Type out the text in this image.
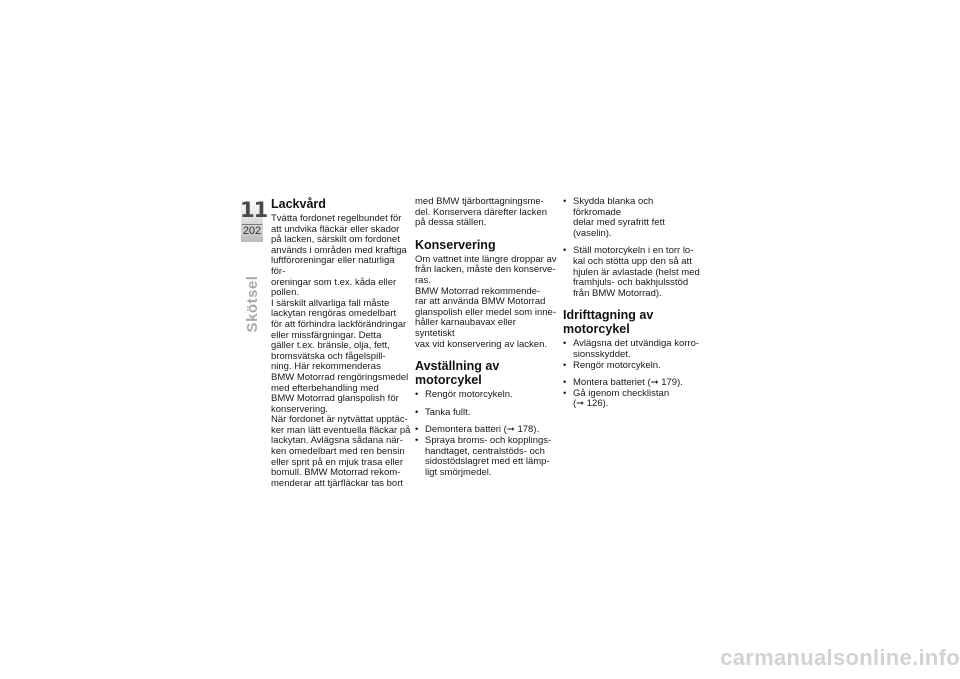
11
202
Skötsel
Lackvård

Tvätta fordonet regelbundet för
att undvika fläckar eller skador
på lacken, särskilt om fordonet
används i områden med kraftiga
luftföroreningar eller naturliga för-
oreningar som t.ex. kåda eller
pollen.
I särskilt allvarliga fall måste
lackytan rengöras omedelbart
för att förhindra lackförändringar
eller missfärgningar. Detta
gäller t.ex. bränsle, olja, fett,
bromsvätska och fågelspill-
ning. Här rekommenderas
BMW Motorrad rengöringsmedel
med efterbehandling med
BMW Motorrad glanspolish för
konservering.
När fordonet är nytvättat upptäc-
ker man lätt eventuella fläckar på
lackytan. Avlägsna sådana när-
ken omedelbart med ren bensin
eller sprit på en mjuk trasa eller
bomull. BMW Motorrad rekom-
menderar att tjärfläckar tas bort

med BMW tjärborttagningsme-
del. Konservera därefter lacken
på dessa ställen.

Konservering

Om vattnet inte längre droppar av
från lacken, måste den konserve-
ras.
BMW Motorrad rekommende-
rar att använda BMW Motorrad
glanspolish eller medel som inne-
håller karnaubavax eller syntetiskt
vax vid konservering av lacken.

Avställning av
motorcykel
• Rengör motorcykeln.
• Tanka fullt.
• Demontera batteri (➞ 178).
• Spraya broms- och kopplings-
handtaget, centralstöds- och
sidostödslagret med ett lämp-
ligt smörjmedel.
• Skydda blanka och förkromade
delar med syrafritt fett (vaselin).
• Ställ motorcykeln i en torr lo-
kal och stötta upp den så att
hjulen är avlastade (helst med
framhjuls- och bakhjulsstöd
från BMW Motorrad).
Idrifttagning av
motorcykel
• Avlägsna det utvändiga korro-
sionsskyddet.
• Rengör motorcykeln.
• Montera batteriet (➞ 179).
• Gå igenom checklistan
(➞ 126).
carmanualsonline.info
